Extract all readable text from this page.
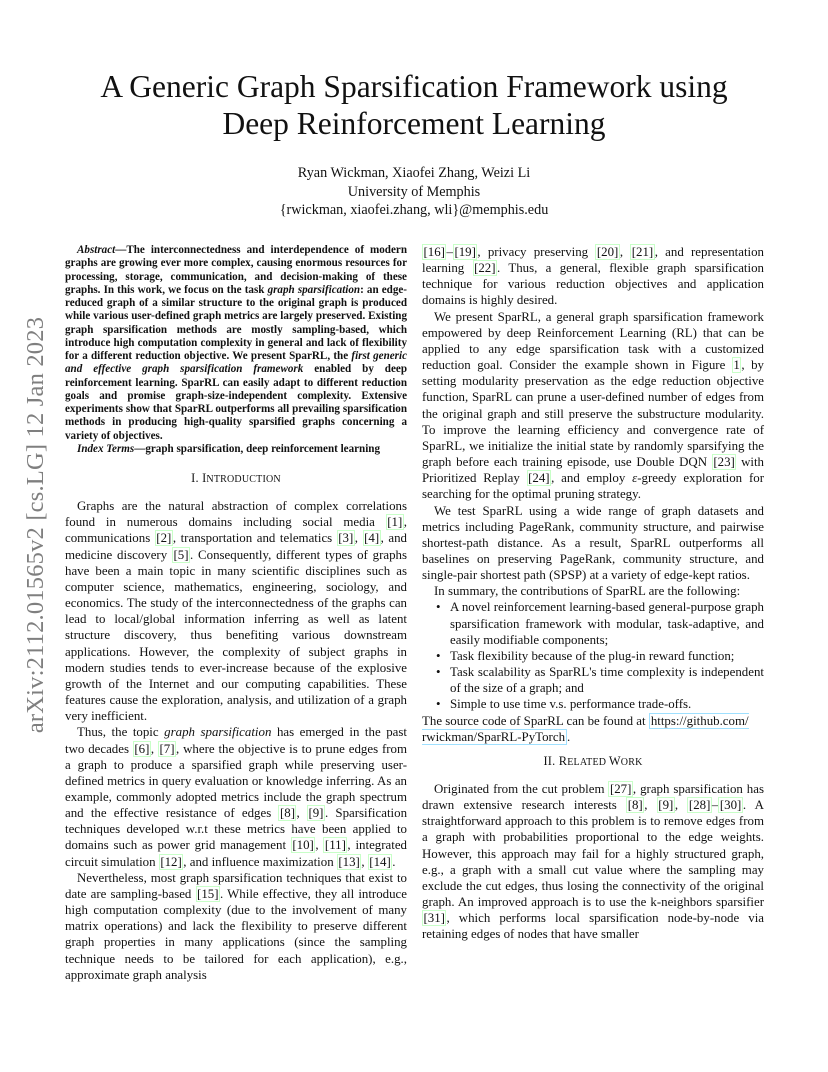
arXiv:2112.01565v2 [cs.LG] 12 Jan 2023
A Generic Graph Sparsification Framework using
Deep Reinforcement Learning
Ryan Wickman, Xiaofei Zhang, Weizi Li
University of Memphis
{rwickman, xiaofei.zhang, wli}@memphis.edu

Abstract—The interconnectedness and interdependence of modern graphs are growing ever more complex, causing enormous resources for processing, storage, communication, and decision-making of these graphs. In this work, we focus on the task graph sparsification: an edge-reduced graph of a similar structure to the original graph is produced while various user-defined graph metrics are largely preserved. Existing graph sparsification methods are mostly sampling-based, which introduce high computation complexity in general and lack of flexibility for a different reduction objective. We present SparRL, the first generic and effective graph sparsification framework enabled by deep reinforcement learning. SparRL can easily adapt to different reduction goals and promise graph-size-independent complexity. Extensive experiments show that SparRL outperforms all prevailing sparsification methods in producing high-quality sparsified graphs concerning a variety of objectives.

Index Terms—graph sparsification, deep reinforcement learning

I. INTRODUCTION

Graphs are the natural abstraction of complex correlations found in numerous domains including social media [1] , communications [2] , transportation and telematics [3] , [4] , and medicine discovery [5] . Consequently, different types of graphs have been a main topic in many scientific disciplines such as computer science, mathematics, engineering, sociology, and economics. The study of the interconnectedness of the graphs can lead to local/global information inferring as well as latent structure discovery, thus benefiting various downstream applications. However, the complexity of subject graphs in modern studies tends to ever-increase because of the explosive growth of the Internet and our computing capabilities. These features cause the exploration, analysis, and utilization of a graph very inefficient.

Thus, the topic graph sparsification has emerged in the past two decades [6] , [7] , where the objective is to prune edges from a graph to produce a sparsified graph while preserving user-defined metrics in query evaluation or knowledge inferring. As an example, commonly adopted metrics include the graph spectrum and the effective resistance of edges [8] , [9] . Sparsification techniques developed w.r.t these metrics have been applied to domains such as power grid management [10] , [11] , integrated circuit simulation [12] , and influence maximization [13] , [14] .

Nevertheless, most graph sparsification techniques that exist to date are sampling-based [15] . While effective, they all introduce high computation complexity (due to the involvement of many matrix operations) and lack the flexibility to preserve different graph properties in many applications (since the sampling technique needs to be tailored for each application), e.g., approximate graph analysis

[16] – [19] , privacy preserving [20] , [21] , and representation learning [22] . Thus, a general, flexible graph sparsification technique for various reduction objectives and application domains is highly desired.

We present SparRL, a general graph sparsification framework empowered by deep Reinforcement Learning (RL) that can be applied to any edge sparsification task with a customized reduction goal. Consider the example shown in Figure 1 , by setting modularity preservation as the edge reduction objective function, SparRL can prune a user-defined number of edges from the original graph and still preserve the substructure modularity. To improve the learning efficiency and convergence rate of SparRL, we initialize the initial state by randomly sparsifying the graph before each training episode, use Double DQN [23] with Prioritized Replay [24] , and employ ε-greedy exploration for searching for the optimal pruning strategy.

We test SparRL using a wide range of graph datasets and metrics including PageRank, community structure, and pairwise shortest-path distance. As a result, SparRL outperforms all baselines on preserving PageRank, community structure, and single-pair shortest path (SPSP) at a variety of edge-kept ratios.

In summary, the contributions of SparRL are the following:

• A novel reinforcement learning-based general-purpose graph sparsification framework with modular, task-adaptive, and easily modifiable components;
• Task flexibility because of the plug-in reward function;
• Task scalability as SparRL's time complexity is independent of the size of a graph; and
• Simple to use time v.s. performance trade-offs.

The source code of SparRL can be found at https://github.com/
rwickman/SparRL-PyTorch .

II. RELATED WORK

Originated from the cut problem [27] , graph sparsification has drawn extensive research interests [8] , [9] , [28] – [30] . A straightforward approach to this problem is to remove edges from a graph with probabilities proportional to the edge weights. However, this approach may fail for a highly structured graph, e.g., a graph with a small cut value where the sampling may exclude the cut edges, thus losing the connectivity of the original graph. An improved approach is to use the k-neighbors sparsifier [31] , which performs local sparsification node-by-node via retaining edges of nodes that have smaller
